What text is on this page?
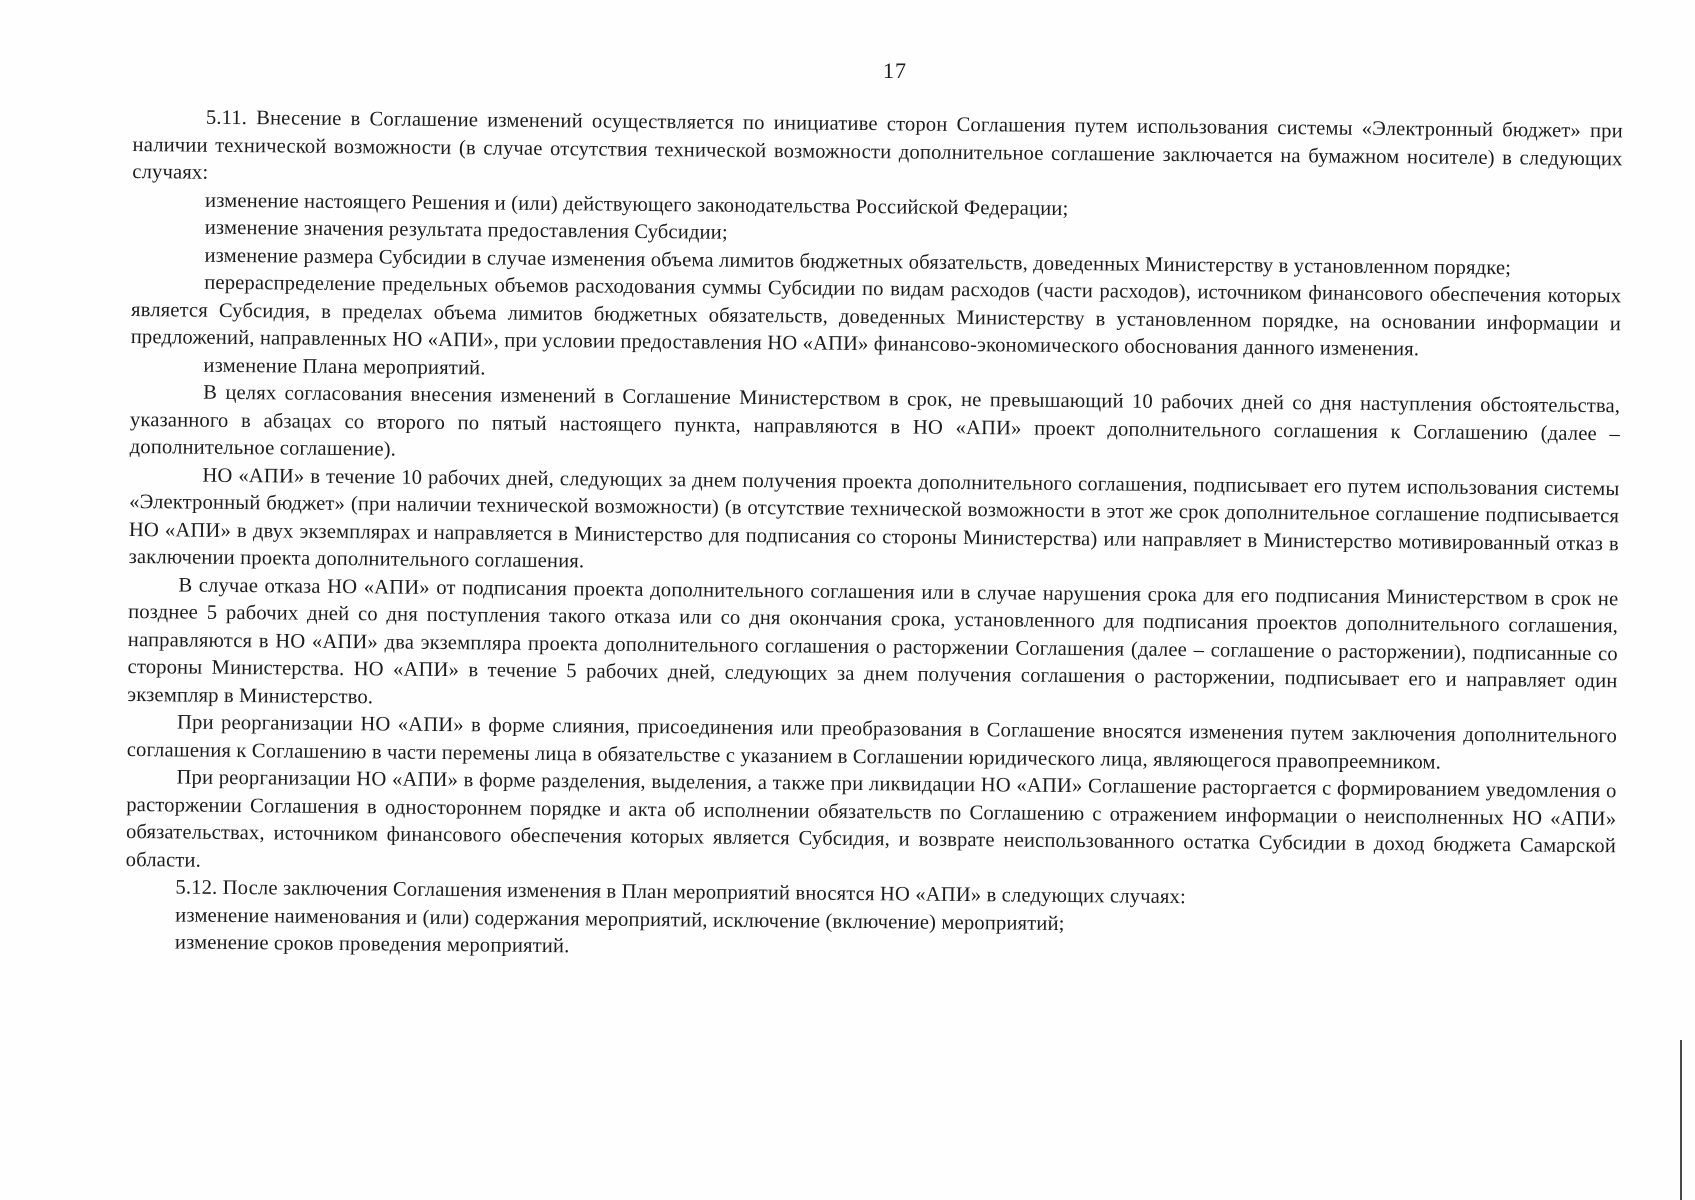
17

5.11. Внесение в Соглашение изменений осуществляется по инициативе сторон Соглашения путем использования системы «Электронный бюджет» при наличии технической возможности (в случае отсутствия технической возможности дополнительное соглашение заключается на бумажном носителе) в следующих случаях:

изменение настоящего Решения и (или) действующего законодательства Российской Федерации;

изменение значения результата предоставления Субсидии;

изменение размера Субсидии в случае изменения объема лимитов бюджетных обязательств, доведенных Министерству в установленном порядке;

перераспределение предельных объемов расходования суммы Субсидии по видам расходов (части расходов), источником финансового обеспечения которых является Субсидия, в пределах объема лимитов бюджетных обязательств, доведенных Министерству в установленном порядке, на основании информации и предложений, направленных НО «АПИ», при условии предоставления НО «АПИ» финансово-экономического обоснования данного изменения.

изменение Плана мероприятий.

В целях согласования внесения изменений в Соглашение Министерством в срок, не превышающий 10 рабочих дней со дня наступления обстоятельства, указанного в абзацах со второго по пятый настоящего пункта, направляются в НО «АПИ» проект дополнительного соглашения к Соглашению (далее – дополнительное соглашение).

НО «АПИ» в течение 10 рабочих дней, следующих за днем получения проекта дополнительного соглашения, подписывает его путем использования системы «Электронный бюджет» (при наличии технической возможности) (в отсутствие технической возможности в этот же срок дополнительное соглашение подписывается НО «АПИ» в двух экземплярах и направляется в Министерство для подписания со стороны Министерства) или направляет в Министерство мотивированный отказ в заключении проекта дополнительного соглашения.

В случае отказа НО «АПИ» от подписания проекта дополнительного соглашения или в случае нарушения срока для его подписания Министерством в срок не позднее 5 рабочих дней со дня поступления такого отказа или со дня окончания срока, установленного для подписания проектов дополнительного соглашения, направляются в НО «АПИ» два экземпляра проекта дополнительного соглашения о расторжении Соглашения (далее – соглашение о расторжении), подписанные со стороны Министерства. НО «АПИ» в течение 5 рабочих дней, следующих за днем получения соглашения о расторжении, подписывает его и направляет один экземпляр в Министерство.

При реорганизации НО «АПИ» в форме слияния, присоединения или преобразования в Соглашение вносятся изменения путем заключения дополнительного соглашения к Соглашению в части перемены лица в обязательстве с указанием в Соглашении юридического лица, являющегося правопреемником.

При реорганизации НО «АПИ» в форме разделения, выделения, а также при ликвидации НО «АПИ» Соглашение расторгается с формированием уведомления о расторжении Соглашения в одностороннем порядке и акта об исполнении обязательств по Соглашению с отражением информации о неисполненных НО «АПИ» обязательствах, источником финансового обеспечения которых является Субсидия, и возврате неиспользованного остатка Субсидии в доход бюджета Самарской области.

5.12. После заключения Соглашения изменения в План мероприятий вносятся НО «АПИ» в следующих случаях:

изменение наименования и (или) содержания мероприятий, исключение (включение) мероприятий;

изменение сроков проведения мероприятий.
